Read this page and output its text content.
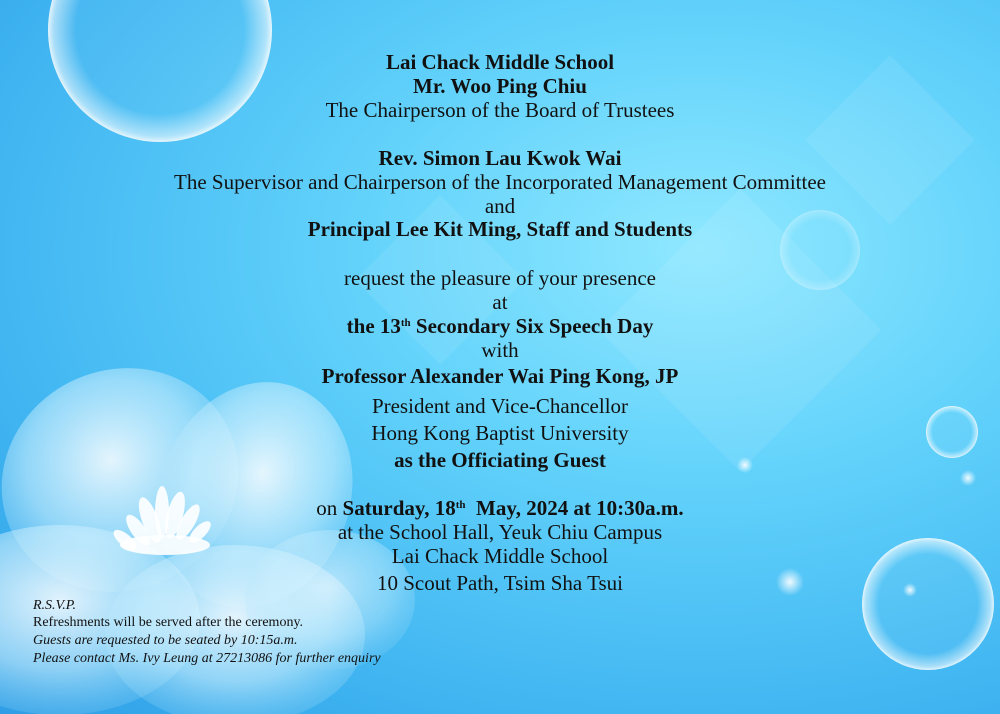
Lai Chack Middle School
Mr. Woo Ping Chiu
The Chairperson of the Board of Trustees
Rev. Simon Lau Kwok Wai
The Supervisor and Chairperson of the Incorporated Management Committee
and
Principal Lee Kit Ming, Staff and Students
request the pleasure of your presence
at
the 13th Secondary Six Speech Day
with
Professor Alexander Wai Ping Kong, JP
President and Vice-Chancellor
Hong Kong Baptist University
as the Officiating Guest
on Saturday, 18th  May, 2024 at 10:30a.m.
at the School Hall, Yeuk Chiu Campus
Lai Chack Middle School
10 Scout Path, Tsim Sha Tsui
R.S.V.P.
Refreshments will be served after the ceremony.
Guests are requested to be seated by 10:15a.m.
Please contact Ms. Ivy Leung at 27213086 for further enquiry
